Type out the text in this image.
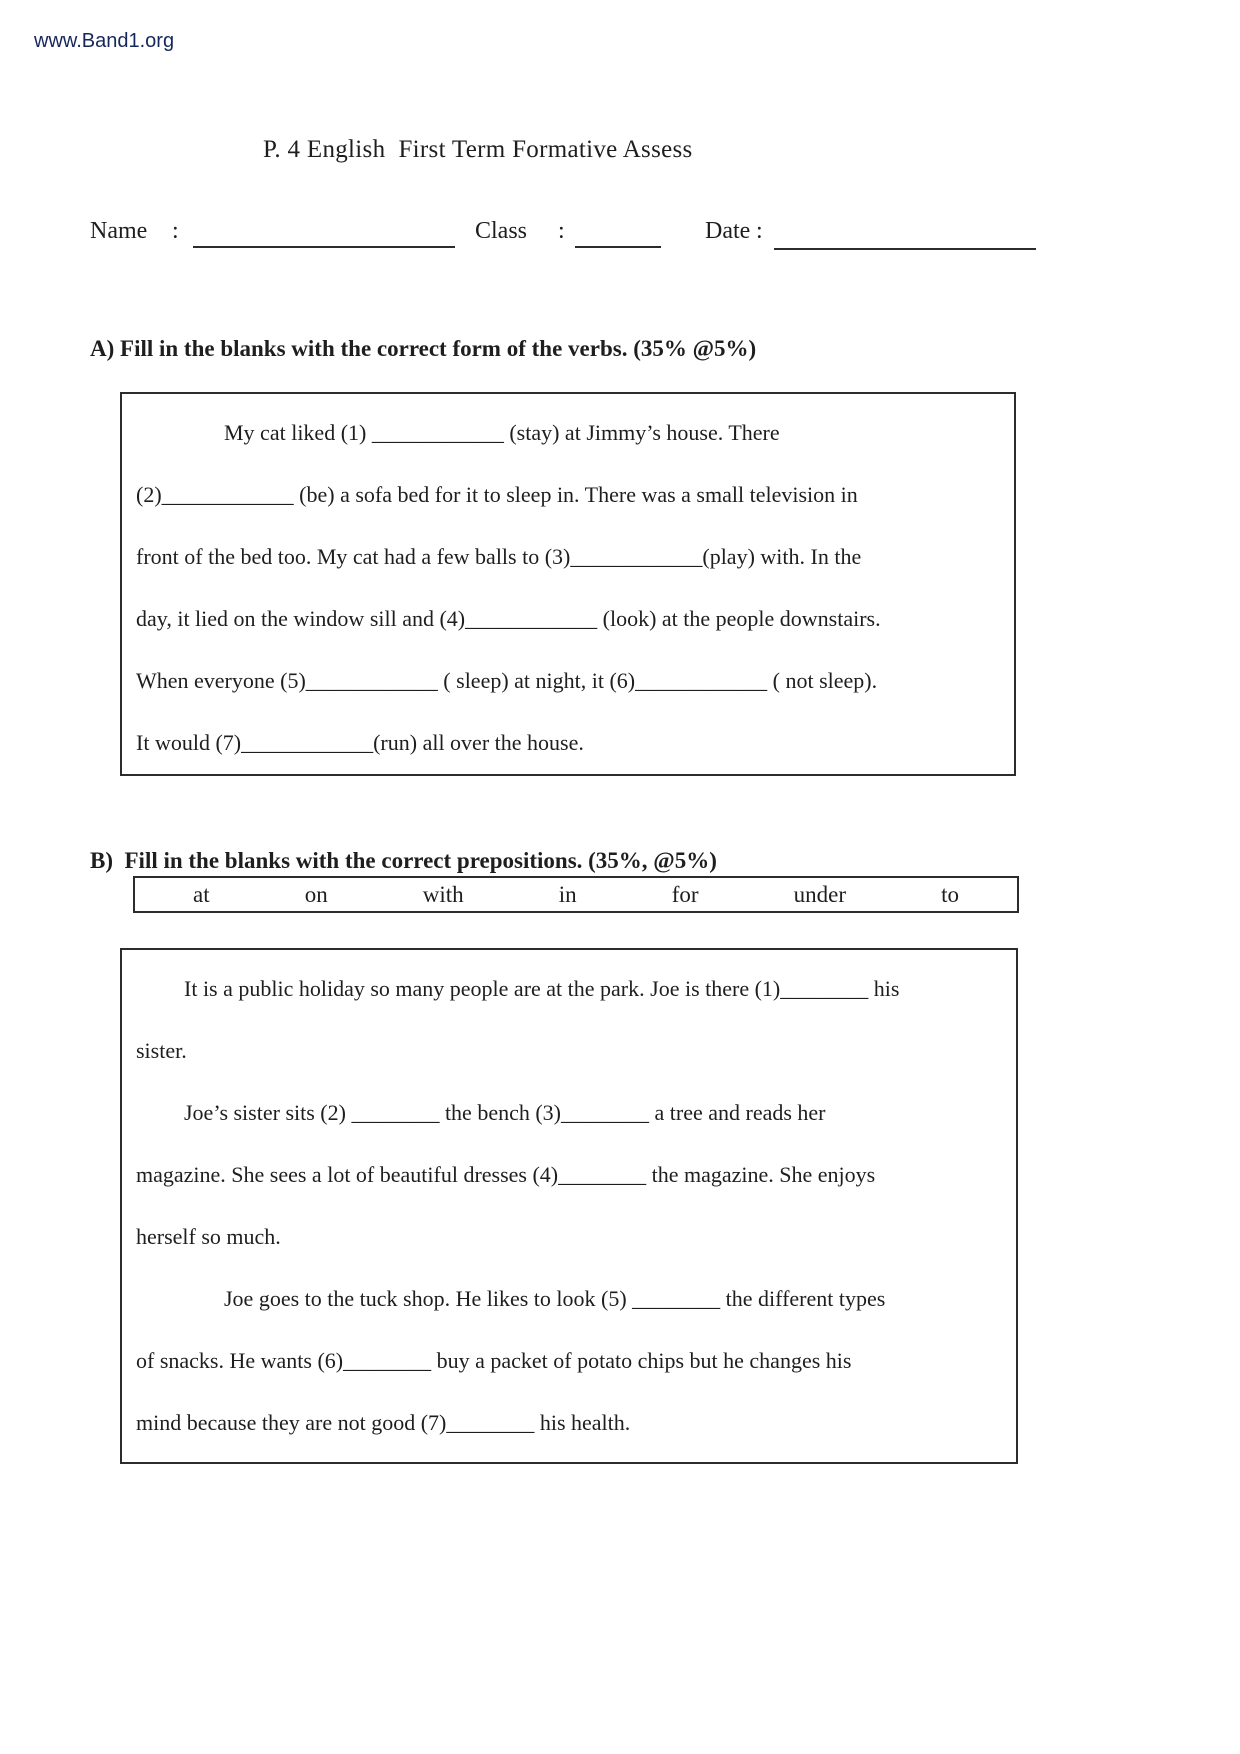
www.Band1.org
P. 4 English  First Term Formative Assess
Name :	Class :	Date :
A) Fill in the blanks with the correct form of the verbs. (35% @5%)
My cat liked (1) ____________ (stay) at Jimmy’s house. There
(2)____________ (be) a sofa bed for it to sleep in. There was a small television in
front of the bed too. My cat had a few balls to (3)____________(play) with. In the
day, it lied on the window sill and (4)____________ (look) at the people downstairs.
When everyone (5)____________ ( sleep) at night, it (6)____________ ( not sleep).
It would (7)____________(run) all over the house.
B)  Fill in the blanks with the correct prepositions. (35%, @5%)
at	on	with	in	for	under	to
It is a public holiday so many people are at the park. Joe is there (1)________ his
sister.
Joe’s sister sits (2) ________ the bench (3)________ a tree and reads her
magazine. She sees a lot of beautiful dresses (4)________ the magazine. She enjoys
herself so much.
Joe goes to the tuck shop. He likes to look (5) ________ the different types
of snacks. He wants (6)________ buy a packet of potato chips but he changes his
mind because they are not good (7)________ his health.
